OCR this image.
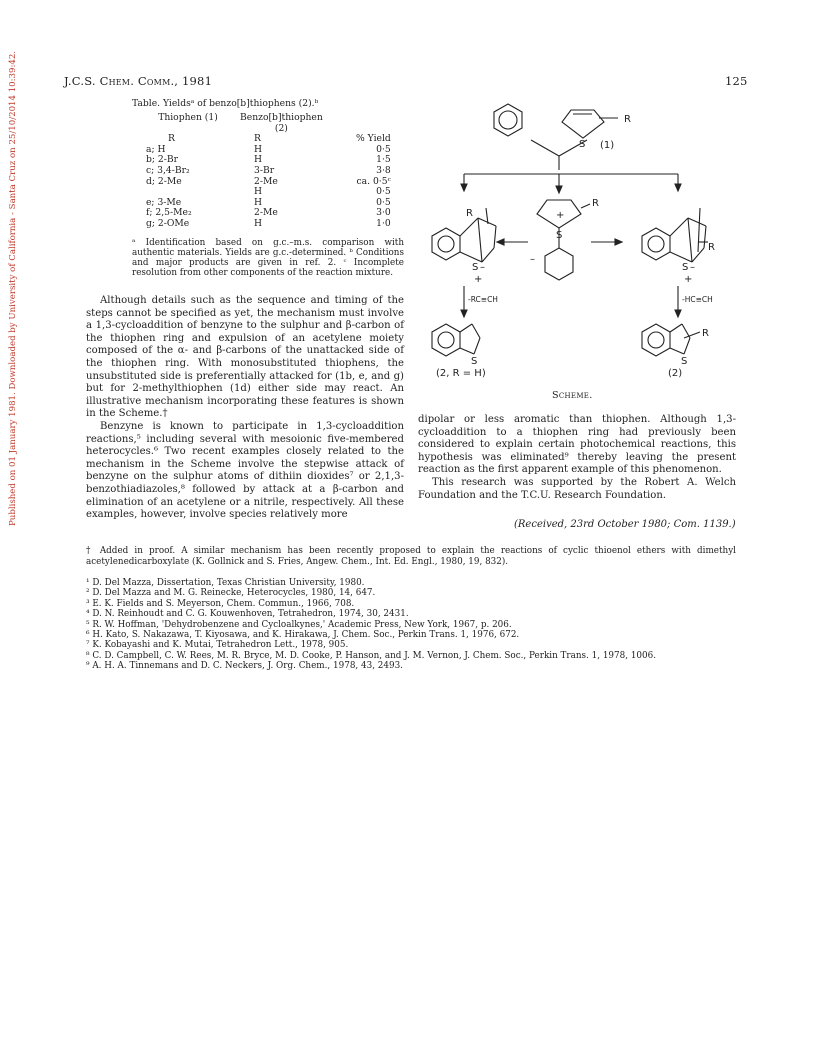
Published on 01 January 1981. Downloaded by University of California - Santa Cruz on 25/10/2014 10:39:42.	J.C.S. Chem. Comm., 1981	125
Table. Yieldsᵃ of benzo[b]thiophens (2).ᵇ
Thiophen (1)	Benzo[b]thiophen (2)	
R	R	% Yield
a; H	H	0·5
b; 2-Br	H	1·5
c; 3,4-Br₂	3-Br	3·8
d; 2-Me	2-Me	ca. 0·5ᶜ
	H	0·5
e; 3-Me	H	0·5
f; 2,5-Me₂	2-Me	3·0
g; 2-OMe	H	1·0
ᵃ Identification based on g.c.–m.s. comparison with authentic materials. Yields are g.c.-determined. ᵇ Conditions and major products are given in ref. 2. ᶜ Incomplete resolution from other components of the reaction mixture.

Although details such as the sequence and timing of the steps cannot be specified as yet, the mechanism must involve a 1,3-cycloaddition of benzyne to the sulphur and β-carbon of the thiophen ring and expulsion of an acetylene moiety composed of the α- and β-carbons of the unattacked side of the thiophen ring. With monosubstituted thiophens, the unsubstituted side is preferentially attacked for (1b, e, and g) but for 2-methylthiophen (1d) either side may react. An illustrative mechanism incorporating these features is shown in the Scheme.†

Benzyne is known to participate in 1,3-cycloaddition reactions,⁵ including several with mesoionic five-membered heterocycles.⁶ Two recent examples closely related to the mechanism in the Scheme involve the stepwise attack of benzyne on the sulphur atoms of dithiin dioxides⁷ or 2,1,3-benzothiadiazoles,⁸ followed by attack at a β-carbon and elimination of an acetylene or a nitrile, respectively. All these examples, however, involve species relatively more

R
S (1)
R
+
S
–
R
S –
+
R
S –
+
S	S
R
(2, R = H)	(2)
-RC≡CH	-HC≡CH
Scheme.

dipolar or less aromatic than thiophen. Although 1,3-cycloaddition to a thiophen ring had previously been considered to explain certain photochemical reactions, this hypothesis was eliminated⁹ thereby leaving the present reaction as the first apparent example of this phenomenon.

This research was supported by the Robert A. Welch Foundation and the T.C.U. Research Foundation.

(Received, 23rd October 1980; Com. 1139.)
† Added in proof. A similar mechanism has been recently proposed to explain the reactions of cyclic thioenol ethers with dimethyl acetylenedicarboxylate (K. Gollnick and S. Fries, Angew. Chem., Int. Ed. Engl., 1980, 19, 832).
¹ D. Del Mazza, Dissertation, Texas Christian University, 1980.
² D. Del Mazza and M. G. Reinecke, Heterocycles, 1980, 14, 647.
³ E. K. Fields and S. Meyerson, Chem. Commun., 1966, 708.
⁴ D. N. Reinhoudt and C. G. Kouwenhoven, Tetrahedron, 1974, 30, 2431.
⁵ R. W. Hoffman, 'Dehydrobenzene and Cycloalkynes,' Academic Press, New York, 1967, p. 206.
⁶ H. Kato, S. Nakazawa, T. Kiyosawa, and K. Hirakawa, J. Chem. Soc., Perkin Trans. 1, 1976, 672.
⁷ K. Kobayashi and K. Mutai, Tetrahedron Lett., 1978, 905.
⁸ C. D. Campbell, C. W. Rees, M. R. Bryce, M. D. Cooke, P. Hanson, and J. M. Vernon, J. Chem. Soc., Perkin Trans. 1, 1978, 1006.
⁹ A. H. A. Tinnemans and D. C. Neckers, J. Org. Chem., 1978, 43, 2493.
